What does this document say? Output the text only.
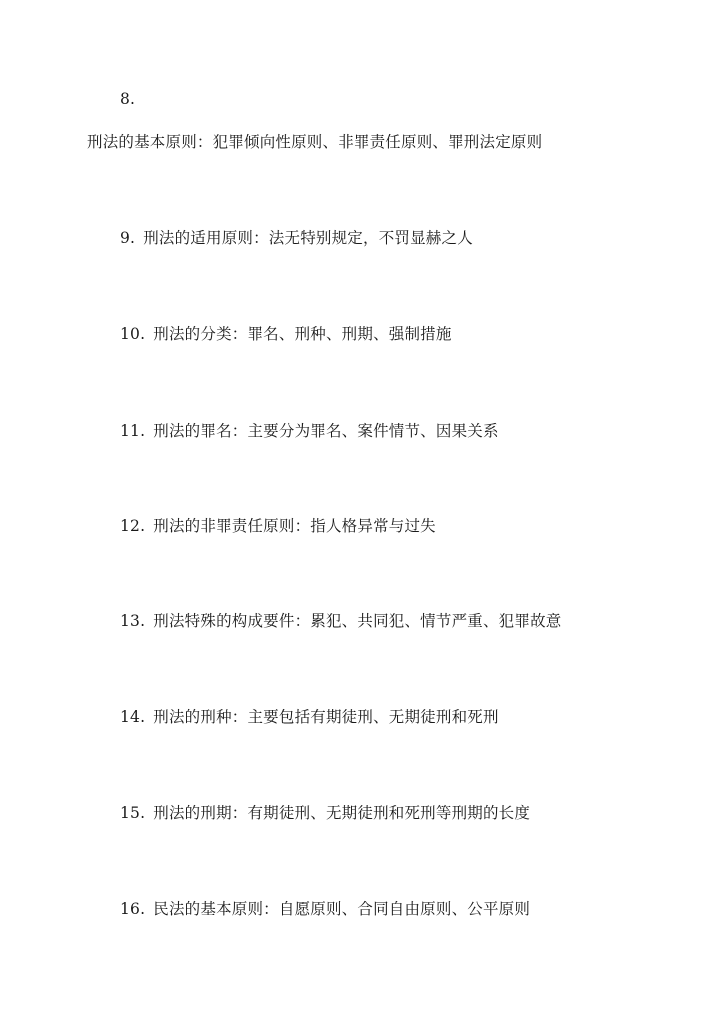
8.
刑法的基本原则：犯罪倾向性原则、非罪责任原则、罪刑法定原则
9. 刑法的适用原则：法无特别规定，不罚显赫之人
10. 刑法的分类：罪名、刑种、刑期、强制措施
11. 刑法的罪名：主要分为罪名、案件情节、因果关系
12. 刑法的非罪责任原则：指人格异常与过失
13. 刑法特殊的构成要件：累犯、共同犯、情节严重、犯罪故意
14. 刑法的刑种：主要包括有期徒刑、无期徒刑和死刑
15. 刑法的刑期：有期徒刑、无期徒刑和死刑等刑期的长度
16. 民法的基本原则：自愿原则、合同自由原则、公平原则
